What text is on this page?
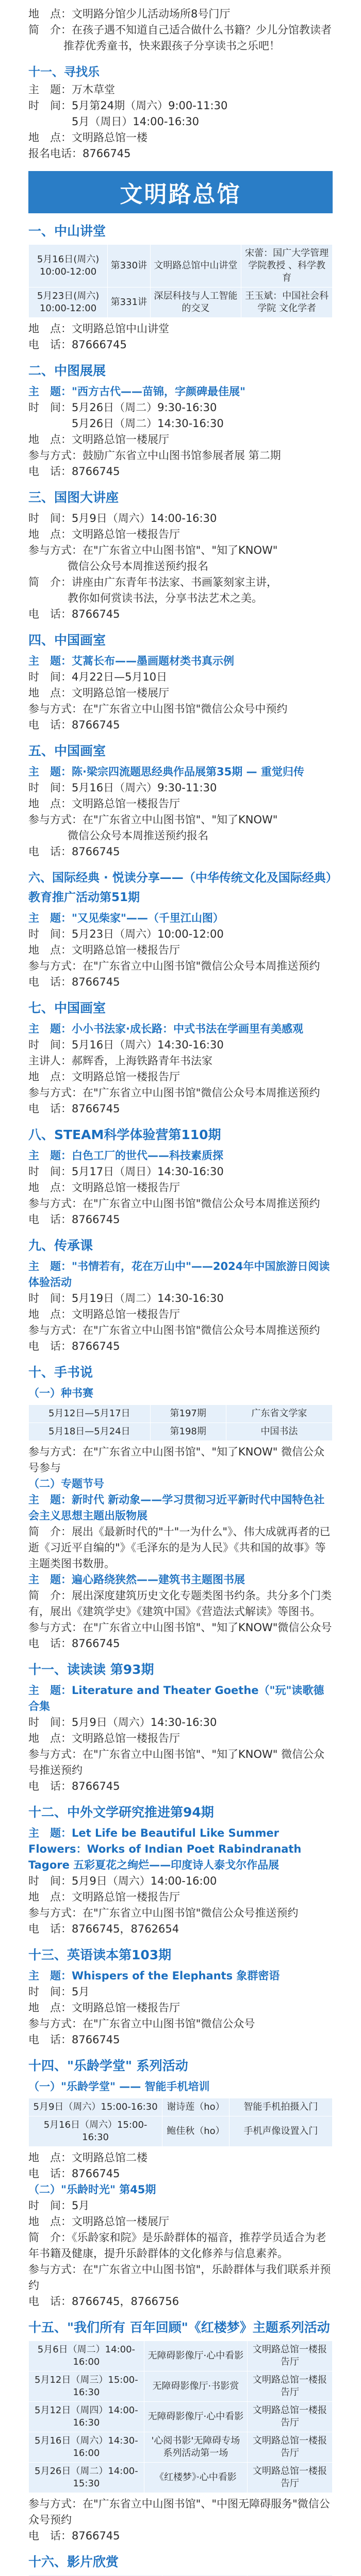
地　点：文明路分馆少儿活动场所8号门厅

简　介：在孩子遇不知道自己适合做什么书籍？少儿分馆教读者

推荐优秀童书，快来跟孩子分享读书之乐吧！

十一、寻找乐

主　题：万木草堂

时　间：5月第24期（周六）9:00-11:30

　　　　5月（周日）14:00-16:30

地　点：文明路总馆一楼

报名电话：8766745

文明路总馆
一、中山讲堂
5月16日(周六)
10:00-12:00	第330讲	文明路总馆中山讲堂	宋蕾：国广大学管理学院教授 、科学教育
5月23日(周六)
10:00-12:00	第331讲	深层科技与人工智能的交叉	王玉斌：中国社会科学院 文化学者

地　点：文明路总馆中山讲堂

电　话：87666745

二、中图展展

主　题："西方古代——苗锦，字颜碑最佳展"

时　间：5月26日（周二）9:30-16:30

　　　　5月26日（周二）14:30-16:30

地　点：文明路总馆一楼展厅

参与方式：鼓励广东省立中山图书馆参展者展 第二期

电　话：8766745

三、国图大讲座

时　间：5月9日（周六）14:00-16:30

地　点：文明路总馆一楼报告厅

参与方式：在"广东省立中山图书馆"、"知了KNOW"

微信公众号本周推送预约报名

简　介：讲座由广东青年书法家、书画篆刻家主讲，

教你如何赏读书法，分享书法艺术之美。

电　话：8766745

四、中国画室

主　题：艾蒿长布——墨画题材类书真示例

时　间：4月22日—5月10日

地　点：文明路总馆一楼展厅

参与方式：在"广东省立中山图书馆"微信公众号中预约

电　话：8766745

五、中国画室

主　题：陈·梁宗四流题思经典作品展第35期 — 重觉归传

时　间：5月16日（周六）9:30-11:30

地　点：文明路总馆一楼报告厅

参与方式：在"广东省立中山图书馆"、"知了KNOW"

微信公众号本周推送预约报名

电　话：8766745

六、国际经典 · 悦读分享——（中华传统文化及国际经典）教育推广活动第51期

主　题："又见柴家"——（千里江山图）

时　间：5月23日（周六）10:00-12:00

地　点：文明路总馆一楼报告厅

参与方式：在"广东省立中山图书馆"微信公众号本周推送预约

电　话：8766745

七、中国画室

主　题：小小书法家·成长路：中式书法在学画里有美感观

时　间：5月16日（周六）14:30-16:30

主讲人：郝辉香，上海铁路青年书法家

地　点：文明路总馆一楼报告厅

参与方式：在"广东省立中山图书馆"微信公众号本周推送预约

电　话：8766745

八、STEAM科学体验营第110期

主　题：白色工厂的世代——科技素质探

时　间：5月17日（周日）14:30-16:30

地　点：文明路总馆一楼报告厅

参与方式：在"广东省立中山图书馆"微信公众号本周推送预约

电　话：8766745

九、传承课

主　题："书情若有，花在万山中"——2024年中国旅游日阅读体验活动

时　间：5月19日（周二）14:30-16:30

地　点：文明路总馆一楼报告厅

参与方式：在"广东省立中山图书馆"微信公众号本周推送预约

电　话：8766745

十、手书说

（一）种书赛

5月12日—5月17日	第197期	广东省文学家
5月18日—5月24日	第198期	中国书法

参与方式：在"广东省立中山图书馆"、"知了KNOW" 微信公众号参与

（二）专题节号

主　题：新时代 新动象——学习贯彻习近平新时代中国特色社会主义思想主题出版物展

简　介：展出《最新时代的"十"一为什么"》、伟大成就再者的已逝《习近平自编的"》《毛泽东的是为人民》《共和国的故事》等主题类图书数册。

主　题：遍心路绕狭然——建筑书主题图书展

简　介：展出深度建筑历史文化专题类图书约条。共分多个门类有，展出《建筑学史》《建筑中国》《营造法式解读》等图书。

参与方式：在"广东省立中山图书馆"、"知了KNOW"微信公众号

电　话：8766745

十一、读读读 第93期

主　题：Literature and Theater Goethe（"玩"读歌德合集

时　间：5月9日（周六）14:30-16:30

地　点：文明路总馆一楼报告厅

参与方式：在"广东省立中山图书馆"、"知了KNOW" 微信公众号推送预约

电　话：8766745

十二、中外文学研究推进第94期

主　题：Let Life be Beautiful Like Summer Flowers：Works of Indian Poet Rabindranath Tagore 五彩夏花之绚烂——印度诗人泰戈尔作品展

时　间：5月9日（周六）14:00-16:00

地　点：文明路总馆一楼报告厅

参与方式：在"广东省立中山图书馆"微信公众号推送预约

电　话：8766745，8762654

十三、英语读本第103期

主　题：Whispers of the Elephants 象群密语

时　间：5月

地　点：文明路总馆一楼报告厅

参与方式：在"广东省立中山图书馆"微信公众号

电　话：8766745

十四、"乐龄学堂" 系列活动

（一）"乐龄学堂" —— 智能手机培训

5月9日（周六）15:00-16:30	谢诗莲（ho）	智能手机拍摄入门
5月16日（周六）15:00-16:30	鲍佳秋（ho）	手机声像设置入门

地　点：文明路总馆二楼

电　话：8766745

（二）"乐龄时光" 第45期

时　间：5月

地　点：文明路总馆一楼展厅

简　介：《乐龄家和院》是乐龄群体的福音，推荐学员适合为老年书籍及健康，提升乐龄群体的文化修养与信息素养。

参与方式：在"广东省立中山图书馆"，乐龄群体与我们联系并预约

电　话：8766745，8766756

十五、"我们所有 百年回顾"《红楼梦》主题系列活动
5月6日（周二）14:00-16:00	无障碍影像厅·心中看影	文明路总馆一楼报告厅
5月12日（周三）15:00-16:30	无障碍影像厅·书影赏	文明路总馆一楼报告厅
5月12日（周四）14:00-16:30	无障碍影像厅·心中看影	文明路总馆一楼报告厅
5月16日（周六）14:30-16:00	'心阅书影'无障碍专场
系列活动第一场	文明路总馆一楼报告厅
5月26日（周二）14:00-15:30	《红楼梦》·心中看影	文明路总馆一楼报告厅

参与方式：在"广东省立中山图书馆"、"中图无障碍服务"微信公众号预约

电　话：8766745

十六、影片欣赏
